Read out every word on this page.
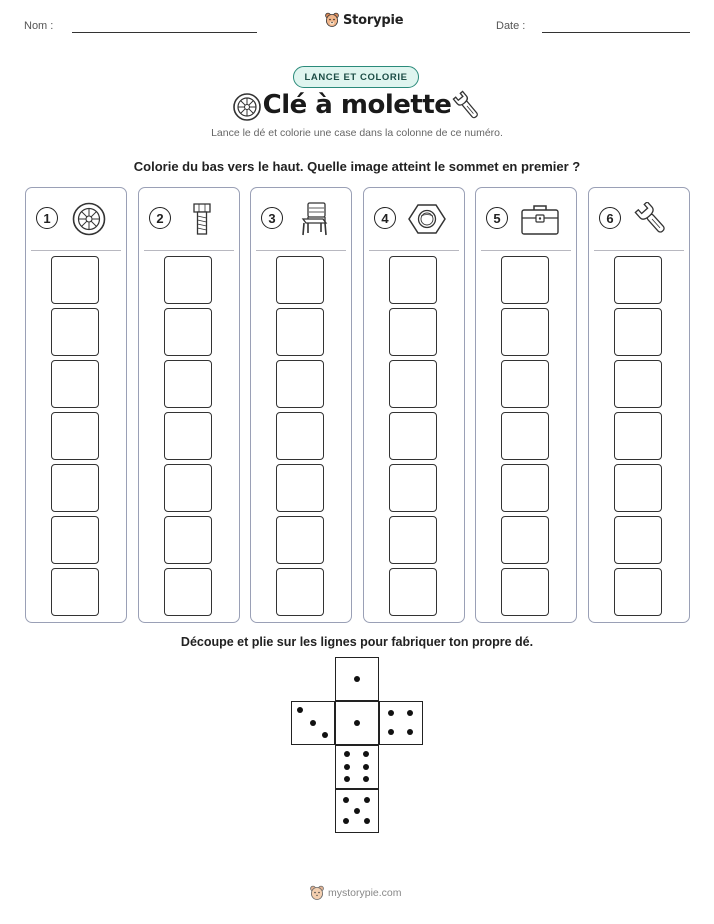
Nom :	Storypie	Date :
LANCE ET COLORIE
Clé à molette
Lance le dé et colorie une case dans la colonne de ce numéro.
Colorie du bas vers le haut. Quelle image atteint le sommet en premier ?
1	2	3	4	5	6
Découpe et plie sur les lignes pour fabriquer ton propre dé.
mystorypie.com
